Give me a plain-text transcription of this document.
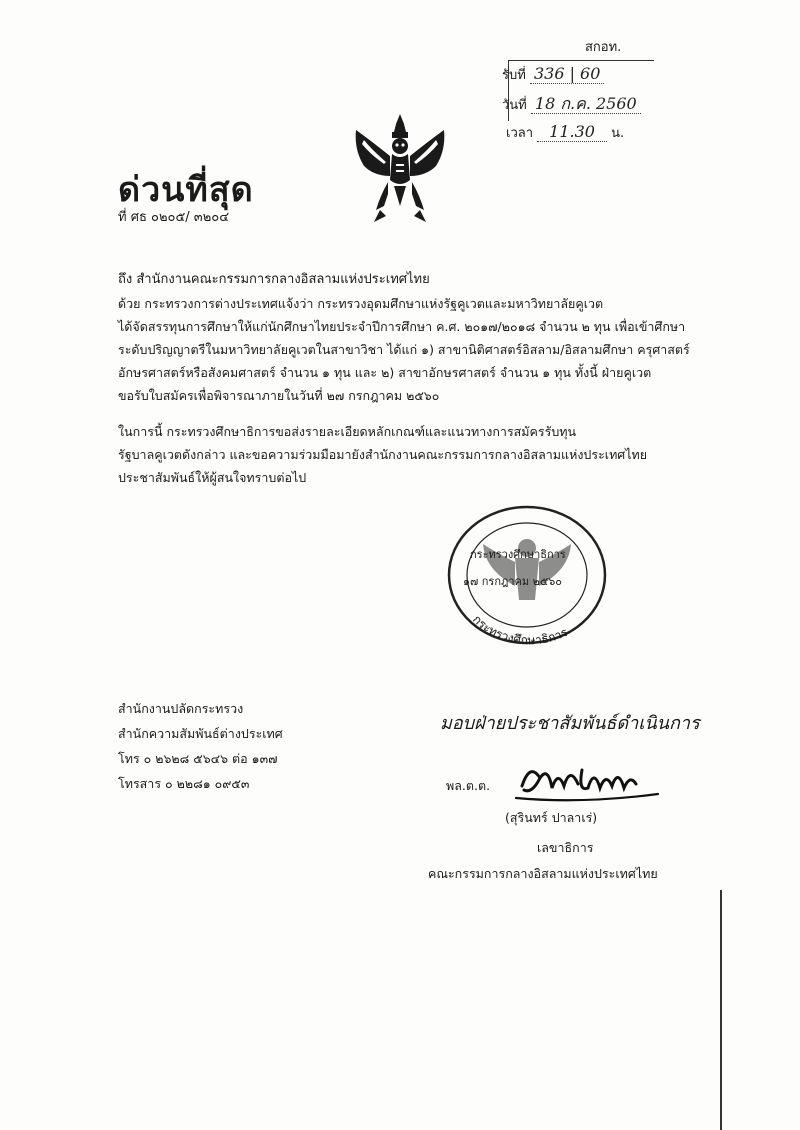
สกอท.
รับที่ 336 | 60
วันที่ 18 ก.ค. 2560
เวลา 11.30 น.
ด่วนที่สุด
ที่ ศธ ๐๒๐๕/ ๓๒๐๔
ถึง สำนักงานคณะกรรมการกลางอิสลามแห่งประเทศไทย

ด้วย กระทรวงการต่างประเทศแจ้งว่า กระทรวงอุดมศึกษาแห่งรัฐคูเวตและมหาวิทยาลัยคูเวต

ได้จัดสรรทุนการศึกษาให้แก่นักศึกษาไทยประจำปีการศึกษา ค.ศ. ๒๐๑๗/๒๐๑๘ จำนวน ๒ ทุน เพื่อเข้าศึกษา

ระดับปริญญาตรีในมหาวิทยาลัยคูเวตในสาขาวิชา ได้แก่ ๑) สาขานิติศาสตร์อิสลาม/อิสลามศึกษา ครุศาสตร์

อักษรศาสตร์หรือสังคมศาสตร์ จำนวน ๑ ทุน และ ๒) สาขาอักษรศาสตร์ จำนวน ๑ ทุน ทั้งนี้ ฝ่ายคูเวต

ขอรับใบสมัครเพื่อพิจารณาภายในวันที่ ๒๗ กรกฎาคม ๒๕๖๐

ในการนี้ กระทรวงศึกษาธิการขอส่งรายละเอียดหลักเกณฑ์และแนวทางการสมัครรับทุน

รัฐบาลคูเวตดังกล่าว และขอความร่วมมือมายังสำนักงานคณะกรรมการกลางอิสลามแห่งประเทศไทย

ประชาสัมพันธ์ให้ผู้สนใจทราบต่อไป

กระทรวงศึกษาธิการ
กระทรวงศึกษาธิการ
๑๗ กรกฎาคม ๒๕๖๐
สำนักงานปลัดกระทรวง
สำนักความสัมพันธ์ต่างประเทศ
โทร ๐ ๒๖๒๘ ๕๖๔๖ ต่อ ๑๓๗
โทรสาร ๐ ๒๒๘๑ ๐๙๕๓
มอบฝ่ายประชาสัมพันธ์ดำเนินการ
พล.ต.ต.
(สุรินทร์ ปาลาเร่)
เลขาธิการ
คณะกรรมการกลางอิสลามแห่งประเทศไทย
